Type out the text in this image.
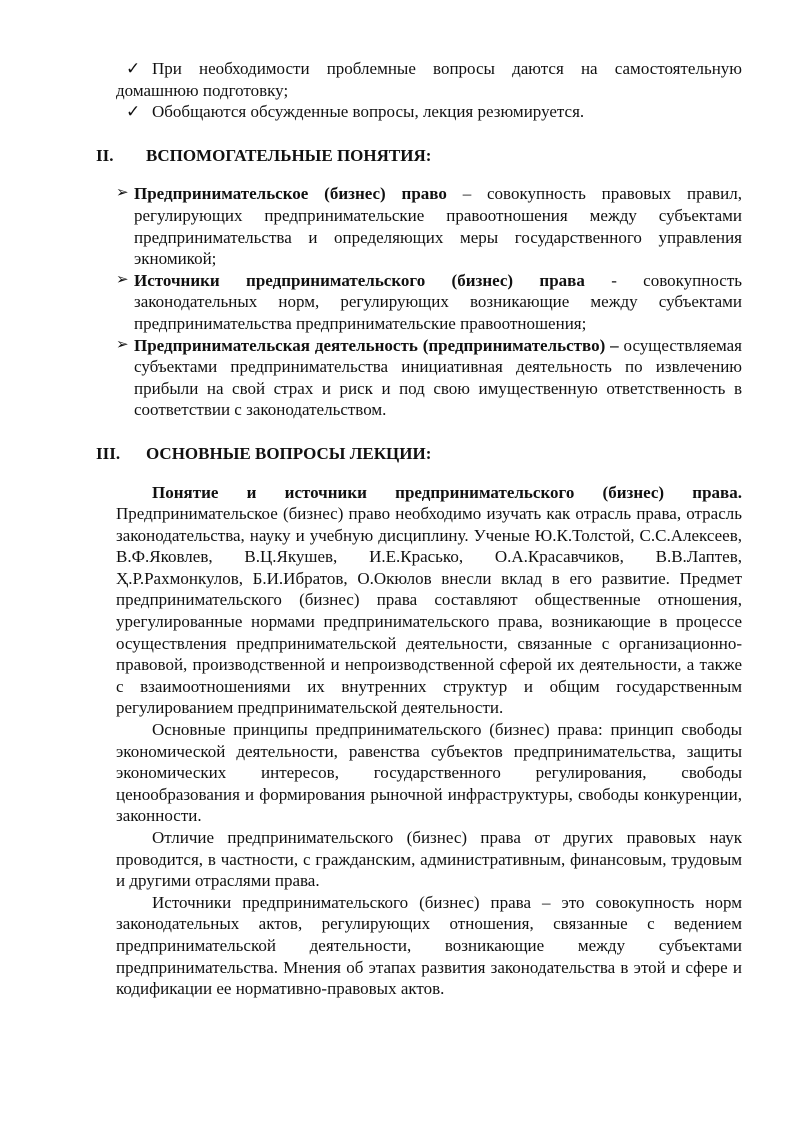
✓ При необходимости проблемные вопросы даются на самостоятельную домашнюю подготовку;
✓ Обобщаются обсужденные вопросы, лекция резюмируется.
II. ВСПОМОГАТЕЛЬНЫЕ ПОНЯТИЯ:
➢ Предпринимательское (бизнес) право – совокупность правовых правил, регулирующих предпринимательские правоотношения между субъектами предпринимательства и определяющих меры государственного управления экномикой;
➢ Источники предпринимательского (бизнес) права - совокупность законодательных норм, регулирующих возникающие между субъектами предпринимательства предпринимательские правоотношения;
➢ Предпринимательская деятельность (предпринимательство) – осуществляемая субъектами предпринимательства инициативная деятельность по извлечению прибыли на свой страх и риск и под свою имущественную ответственность в соответствии с законодательством.
III. ОСНОВНЫЕ ВОПРОСЫ ЛЕКЦИИ:
Понятие и источники предпринимательского (бизнес) права. Предпринимательское (бизнес) право необходимо изучать как отрасль права, отрасль законодательства, науку и учебную дисциплину. Ученые Ю.К.Толстой, С.С.Алексеев, В.Ф.Яковлев, В.Ц.Якушев, И.Е.Красько, О.А.Красавчиков, В.В.Лаптев, Ҳ.Р.Рахмонкулов, Б.И.Ибратов, О.Окюлов внесли вклад в его развитие. Предмет предпринимательского (бизнес) права составляют общественные отношения, урегулированные нормами предпринимательского права, возникающие в процессе осуществления предпринимательской деятельности, связанные с организационно-правовой, производственной и непроизводственной сферой их деятельности, а также с взаимоотношениями их внутренних структур и общим государственным регулированием предпринимательской деятельности.
Основные принципы предпринимательского (бизнес) права: принцип свободы экономической деятельности, равенства субъектов предпринимательства, защиты экономических интересов, государственного регулирования, свободы ценообразования и формирования рыночной инфраструктуры, свободы конкуренции, законности.
Отличие предпринимательского (бизнес) права от других правовых наук проводится, в частности, с гражданским, административным, финансовым, трудовым и другими отраслями права.
Источники предпринимательского (бизнес) права – это совокупность норм законодательных актов, регулирующих отношения, связанные с ведением предпринимательской деятельности, возникающие между субъектами предпринимательства. Мнения об этапах развития законодательства в этой и сфере и кодификации ее нормативно-правовых актов.
